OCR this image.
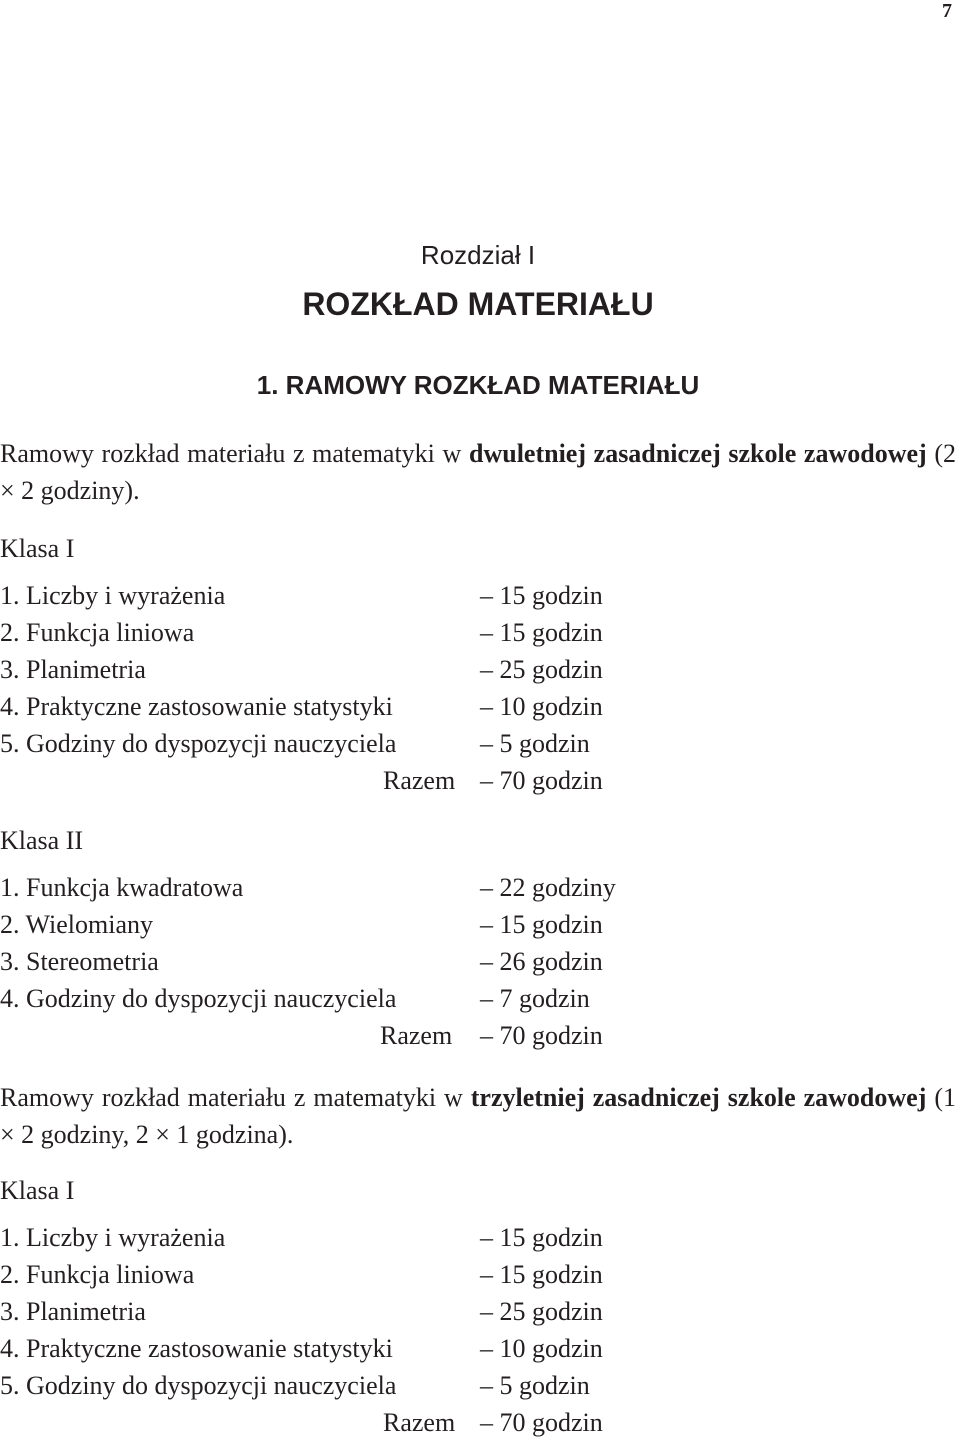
7
Rozdział I
ROZKŁAD MATERIAŁU
1. RAMOWY ROZKŁAD MATERIAŁU
Ramowy rozkład materiału z matematyki w dwuletniej zasadniczej szkole zawodowej (2 × 2 godziny).
Klasa I
1. Liczby i wyrażenia	– 15 godzin
2. Funkcja liniowa	– 15 godzin
3. Planimetria	– 25 godzin
4. Praktyczne zastosowanie statystyki	– 10 godzin
5. Godziny do dyspozycji nauczyciela	– 5 godzin
Razem – 70 godzin
Klasa II
1. Funkcja kwadratowa	– 22 godziny
2. Wielomiany	– 15 godzin
3. Stereometria	– 26 godzin
4. Godziny do dyspozycji nauczyciela	– 7 godzin
Razem – 70 godzin
Ramowy rozkład materiału z matematyki w trzyletniej zasadniczej szkole zawodowej (1 × 2 godziny, 2 × 1 godzina).
Klasa I
1. Liczby i wyrażenia	– 15 godzin
2. Funkcja liniowa	– 15 godzin
3. Planimetria	– 25 godzin
4. Praktyczne zastosowanie statystyki	– 10 godzin
5. Godziny do dyspozycji nauczyciela	– 5 godzin
Razem – 70 godzin
